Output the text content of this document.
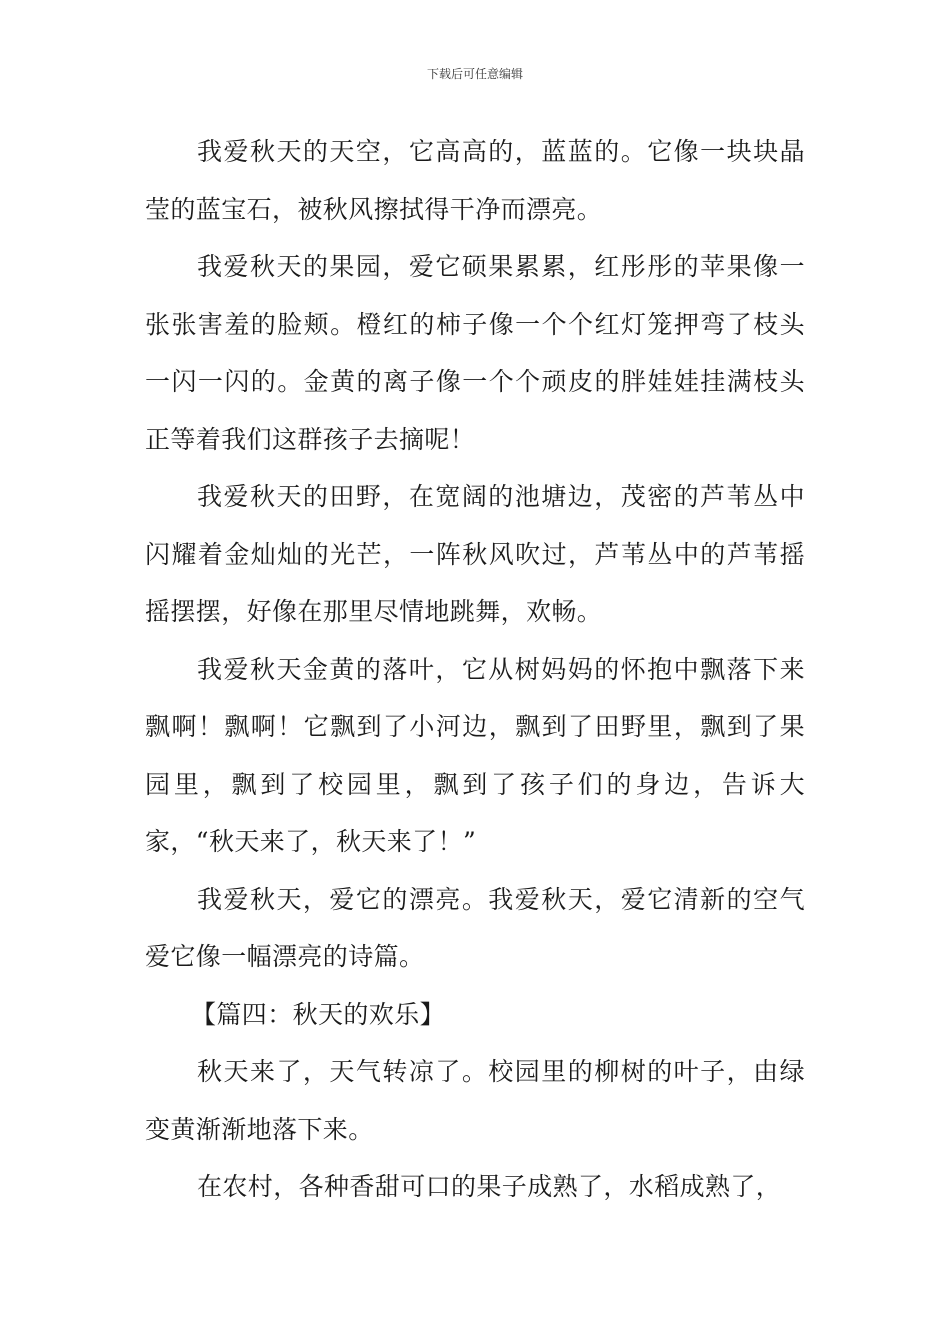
下载后可任意编辑

我爱秋天的天空，它高高的，蓝蓝的。它像一块块晶莹的蓝宝石，被秋风擦拭得干净而漂亮。

我爱秋天的果园，爱它硕果累累，红彤彤的苹果像一张张害羞的脸颊。橙红的柿子像一个个红灯笼押弯了枝头一闪一闪的。金黄的离子像一个个顽皮的胖娃娃挂满枝头正等着我们这群孩子去摘呢！

我爱秋天的田野，在宽阔的池塘边，茂密的芦苇丛中闪耀着金灿灿的光芒，一阵秋风吹过，芦苇丛中的芦苇摇摇摆摆，好像在那里尽情地跳舞，欢畅。

我爱秋天金黄的落叶，它从树妈妈的怀抱中飘落下来飘啊！飘啊！它飘到了小河边，飘到了田野里，飘到了果园里，飘到了校园里，飘到了孩子们的身边，告诉大家，“秋天来了，秋天来了！”

我爱秋天，爱它的漂亮。我爱秋天，爱它清新的空气爱它像一幅漂亮的诗篇。

【篇四：秋天的欢乐】

秋天来了，天气转凉了。校园里的柳树的叶子，由绿变黄渐渐地落下来。

在农村，各种香甜可口的果子成熟了，水稻成熟了，
